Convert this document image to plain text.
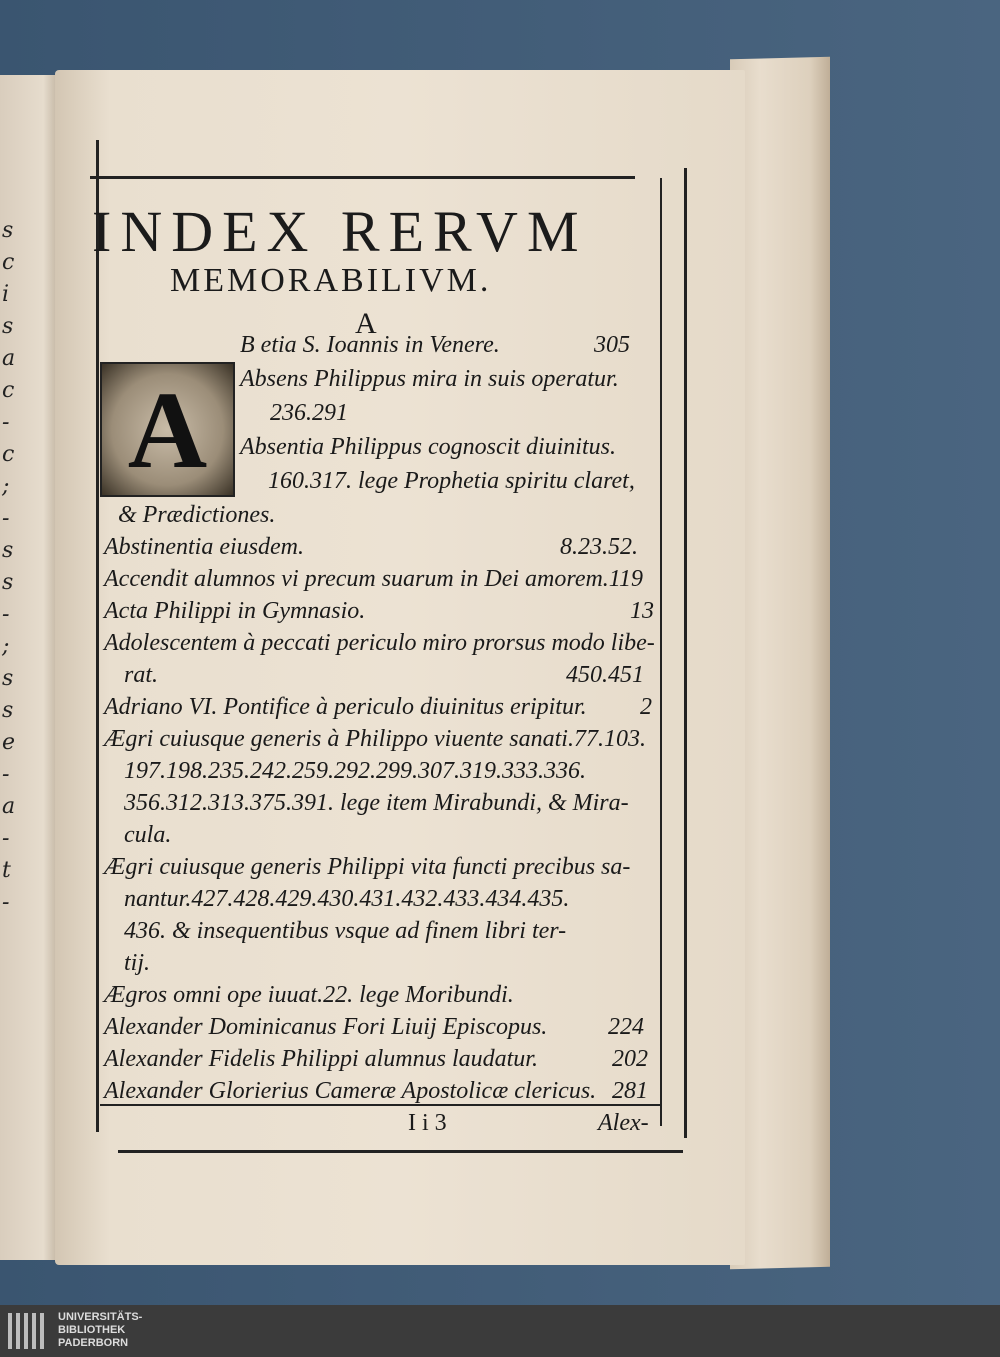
s
c
i
s
a
c
-
c
;
-
s
s
-
;
s
s
e
-
a
-
t
-
INDEX RERVM
MEMORABILIVM.
A
A
B etia S. Ioannis in Venere.	305
Absens Philippus mira in suis operatur.
236.291
Absentia Philippus cognoscit diuinitus.
160.317. lege Prophetia spiritu claret,
& Prædictiones.
Abstinentia eiusdem.	8.23.52.
Accendit alumnos vi precum suarum in Dei amorem.119
Acta Philippi in Gymnasio.	13
Adolescentem à peccati periculo miro prorsus modo libe-
rat.	450.451
Adriano VI. Pontifice à periculo diuinitus eripitur. 2
Ægri cuiusque generis à Philippo viuente sanati.77.103.
197.198.235.242.259.292.299.307.319.333.336.
356.312.313.375.391. lege item Mirabundi, & Mira-
cula.
Ægri cuiusque generis Philippi vita functi precibus sa-
nantur.427.428.429.430.431.432.433.434.435.
436. & insequentibus vsque ad finem libri ter-
tij.
Ægros omni ope iuuat.22. lege Moribundi.
Alexander Dominicanus Fori Liuij Episcopus.	224
Alexander Fidelis Philippi alumnus laudatur.	202
Alexander Glorierius Cameræ Apostolicæ clericus. 281
I i 3	Alex-
UNIVERSITÄTS-
BIBLIOTHEK
PADERBORN
